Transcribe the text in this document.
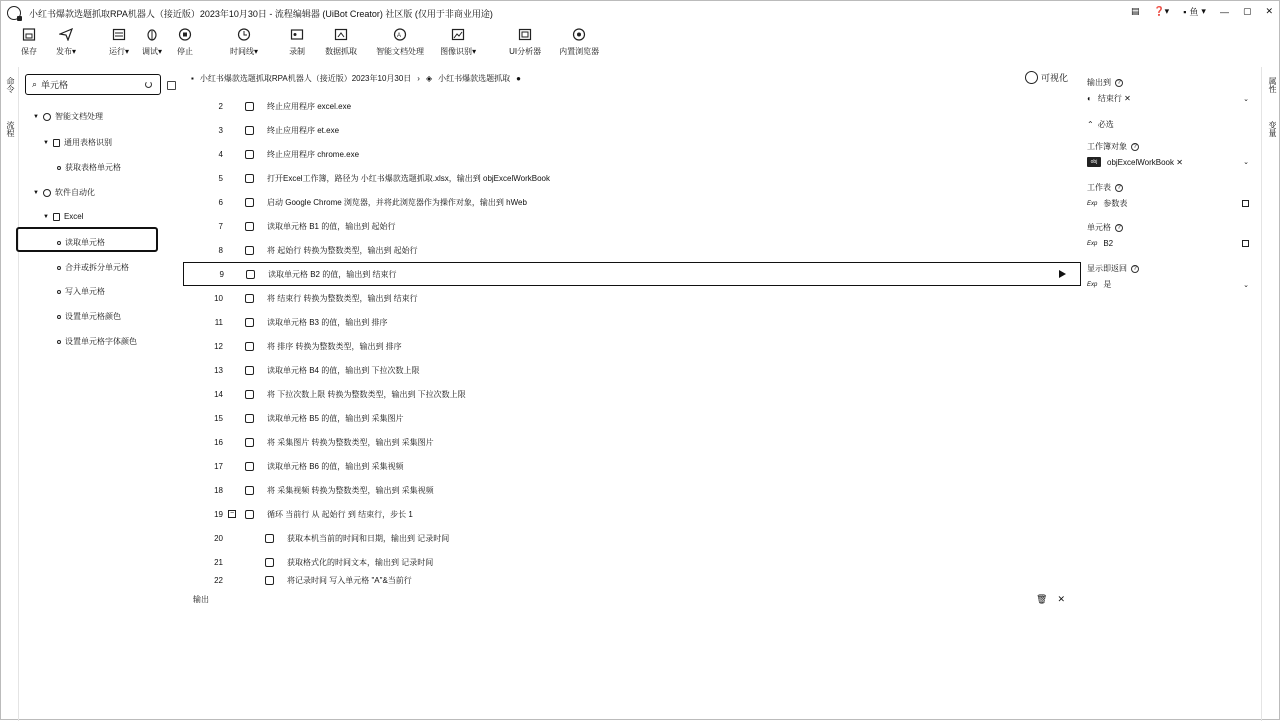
小红书爆款选题抓取RPA机器人（接近版）2023年10月30日 - 流程编辑器 (UiBot Creator) 社区版 (仅用于非商业用途)	▤ ❓▾ ▪ 鱼 ▾ — ▢ ✕
保存 发布▾	运行▾ 调试▾ 停止	时间线▾	录制	数据抓取
A
智能文档处理 图像识别▾	UI分析器 内置浏览器
命令
流程
⌕ 单元格
▼ 智能文档处理
▼ 通用表格识别
获取表格单元格
▼ 软件自动化
▼ Excel
读取单元格
合并或拆分单元格
写入单元格
设置单元格颜色
设置单元格字体颜色
▪ 小红书爆款选题抓取RPA机器人（接近版）2023年10月30日 › ◈ 小红书爆款选题抓取 ●	可视化
2	终止应用程序 excel.exe
3	终止应用程序 et.exe
4	终止应用程序 chrome.exe
5	打开Excel工作簿，路径为 小红书爆款选题抓取.xlsx，输出到 objExcelWorkBook
6	启动 Google Chrome 浏览器，并将此浏览器作为操作对象，输出到 hWeb
7	读取单元格 B1 的值，输出到 起始行
8	将 起始行 转换为整数类型，输出到 起始行
9	读取单元格 B2 的值，输出到 结束行
10	将 结束行 转换为整数类型，输出到 结束行
11	读取单元格 B3 的值，输出到 排序
12	将 排序 转换为整数类型，输出到 排序
13	读取单元格 B4 的值，输出到 下拉次数上限
14	将 下拉次数上限 转换为整数类型，输出到 下拉次数上限
15	读取单元格 B5 的值，输出到 采集图片
16	将 采集图片 转换为整数类型，输出到 采集图片
17	读取单元格 B6 的值，输出到 采集视频
18	将 采集视频 转换为整数类型，输出到 采集视频
19 −	循环 当前行 从 起始行 到 结束行，步长 1
20	获取本机当前的时间和日期，输出到 记录时间
21	获取格式化的时间文本，输出到 记录时间
22	将记录时间 写入单元格 "A"&当前行
输出	🗑 ✕
输出到	?
◐ 结束行 ✕	⌄
⌃ 必选
工作簿对象	?
obj	objExcelWorkBook ✕	⌄
工作表	?
Exp 参数表
单元格	?
Exp B2
显示即返回	?
Exp 是	⌄
属性
变量
